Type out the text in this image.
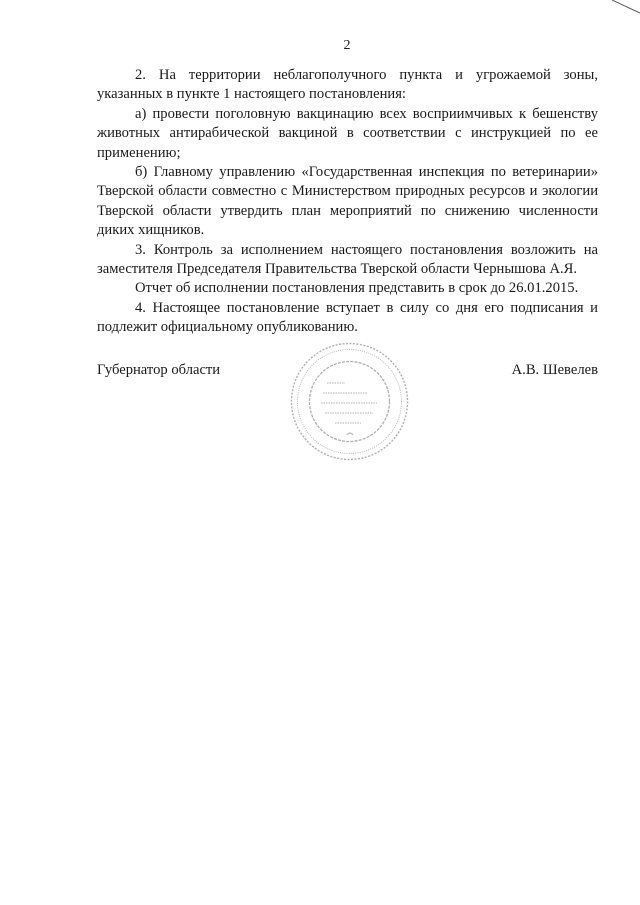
2

2. На территории неблагополучного пункта и угрожаемой зоны, указанных в пункте 1 настоящего постановления:

а) провести поголовную вакцинацию всех восприимчивых к бешенству животных антирабической вакциной в соответствии с инструкцией по ее применению;

б) Главному управлению «Государственная инспекция по ветеринарии» Тверской области совместно с Министерством природных ресурсов и экологии Тверской области утвердить план мероприятий по снижению численности диких хищников.

3. Контроль за исполнением настоящего постановления возложить на заместителя Председателя Правительства Тверской области Чернышова А.Я.

Отчет об исполнении постановления представить в срок до 26.01.2015.

4. Настоящее постановление вступает в силу со дня его подписания и подлежит официальному опубликованию.

Губернатор области	А.В. Шевелев
